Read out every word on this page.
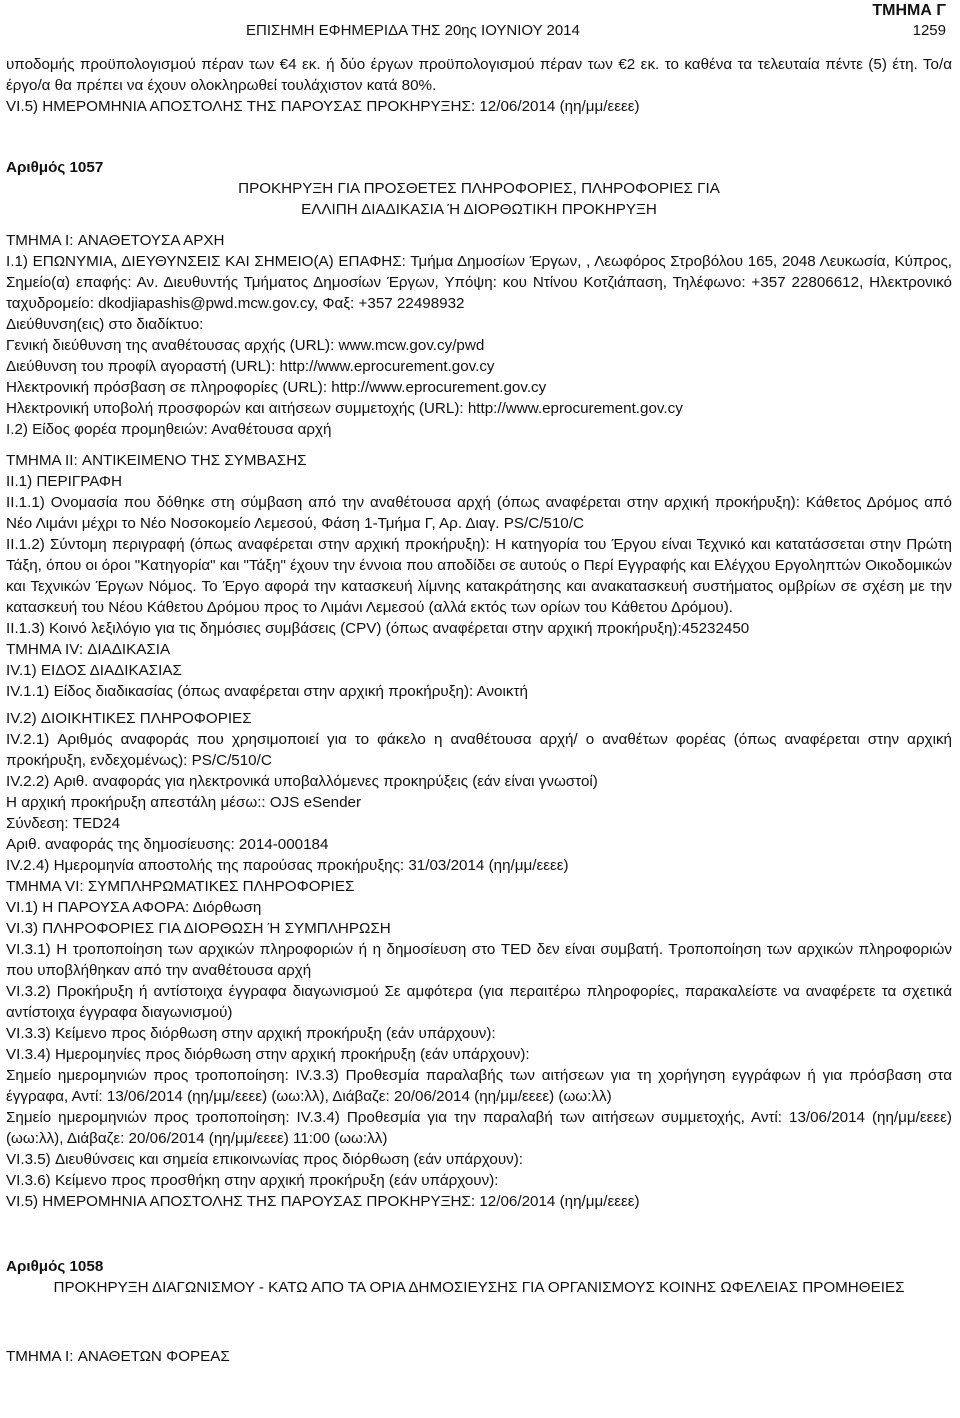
ΕΠΙΣΗΜΗ ΕΦΗΜΕΡΙΔΑ ΤΗΣ 20ης ΙΟΥΝΙΟΥ 2014
ΤΜΗΜΑ Γ
1259

υποδομής προϋπολογισμού πέραν των €4 εκ. ή δύο έργων προϋπολογισμού πέραν των €2 εκ. το καθένα τα τελευταία πέντε (5) έτη. Το/α έργο/α θα πρέπει να έχουν ολοκληρωθεί τουλάχιστον κατά 80%.

VI.5) ΗΜΕΡΟΜΗΝΙΑ ΑΠΟΣΤΟΛΗΣ ΤΗΣ ΠΑΡΟΥΣΑΣ ΠΡΟΚΗΡΥΞΗΣ: 12/06/2014 (ηη/μμ/εεεε)

Αριθμός 1057

ΠΡΟΚΗΡΥΞΗ ΓΙΑ ΠΡΟΣΘΕΤΕΣ ΠΛΗΡΟΦΟΡΙΕΣ, ΠΛΗΡΟΦΟΡΙΕΣ ΓΙΑ ΕΛΛΙΠΗ ΔΙΑΔΙΚΑΣΙΑ Ή ΔΙΟΡΘΩΤΙΚΗ ΠΡΟΚΗΡΥΞΗ

ΤΜΗΜΑ I: ΑΝΑΘΕΤΟΥΣΑ ΑΡΧΗ

I.1) ΕΠΩΝΥΜΙΑ, ΔΙΕΥΘΥΝΣΕΙΣ ΚΑΙ ΣΗΜΕΙΟ(Α) ΕΠΑΦΗΣ: Τμήμα Δημοσίων Έργων, , Λεωφόρος Στροβόλου 165, 2048 Λευκωσία, Κύπρος, Σημείο(α) επαφής: Αν. Διευθυντής Τμήματος Δημοσίων Έργων, Υπόψη: κου Ντίνου Κοτζιάπαση, Τηλέφωνο: +357 22806612, Ηλεκτρονικό ταχυδρομείο: dkodjiapashis@pwd.mcw.gov.cy, Φαξ: +357 22498932

Διεύθυνση(εις) στο διαδίκτυο:

Γενική διεύθυνση της αναθέτουσας αρχής (URL): www.mcw.gov.cy/pwd

Διεύθυνση του προφίλ αγοραστή (URL): http://www.eprocurement.gov.cy

Ηλεκτρονική πρόσβαση σε πληροφορίες (URL): http://www.eprocurement.gov.cy

Ηλεκτρονική υποβολή προσφορών και αιτήσεων συμμετοχής (URL): http://www.eprocurement.gov.cy

I.2) Είδος φορέα προμηθειών: Αναθέτουσα αρχή

ΤΜΗΜΑ II: ΑΝΤΙΚΕΙΜΕΝΟ ΤΗΣ ΣΥΜΒΑΣΗΣ

II.1) ΠΕΡΙΓΡΑΦΗ

II.1.1) Ονομασία που δόθηκε στη σύμβαση από την αναθέτουσα αρχή (όπως αναφέρεται στην αρχική προκήρυξη): Κάθετος Δρόμος από Νέο Λιμάνι μέχρι το Νέο Νοσοκομείο Λεμεσού, Φάση 1-Τμήμα Γ, Αρ. Διαγ. PS/C/510/C

II.1.2) Σύντομη περιγραφή (όπως αναφέρεται στην αρχική προκήρυξη): Η κατηγορία του Έργου είναι Τεχνικό και κατατάσσεται στην Πρώτη Τάξη, όπου οι όροι "Κατηγορία" και "Τάξη" έχουν την έννοια που αποδίδει σε αυτούς ο Περί Εγγραφής και Ελέγχου Εργοληπτών Οικοδομικών και Τεχνικών Έργων Νόμος. Το Έργο αφορά την κατασκευή λίμνης κατακράτησης και ανακατασκευή συστήματος ομβρίων σε σχέση με την κατασκευή του Νέου Κάθετου Δρόμου προς το Λιμάνι Λεμεσού (αλλά εκτός των ορίων του Κάθετου Δρόμου).

II.1.3) Κοινό λεξιλόγιο για τις δημόσιες συμβάσεις (CPV) (όπως αναφέρεται στην αρχική προκήρυξη):45232450

ΤΜΗΜΑ IV: ΔΙΑΔΙΚΑΣΙΑ

IV.1) ΕΙΔΟΣ ΔΙΑΔΙΚΑΣΙΑΣ

IV.1.1) Είδος διαδικασίας (όπως αναφέρεται στην αρχική προκήρυξη): Ανοικτή

IV.2) ΔΙΟΙΚΗΤΙΚΕΣ ΠΛΗΡΟΦΟΡΙΕΣ

IV.2.1) Αριθμός αναφοράς που χρησιμοποιεί για το φάκελο η αναθέτουσα αρχή/ ο αναθέτων φορέας (όπως αναφέρεται στην αρχική προκήρυξη, ενδεχομένως): PS/C/510/C

IV.2.2) Αριθ. αναφοράς για ηλεκτρονικά υποβαλλόμενες προκηρύξεις (εάν είναι γνωστοί)

Η αρχική προκήρυξη απεστάλη μέσω:: OJS eSender

Σύνδεση: TED24

Αριθ. αναφοράς της δημοσίευσης: 2014-000184

IV.2.4) Ημερομηνία αποστολής της παρούσας προκήρυξης: 31/03/2014 (ηη/μμ/εεεε)

ΤΜΗΜΑ VI: ΣΥΜΠΛΗΡΩΜΑΤΙΚΕΣ ΠΛΗΡΟΦΟΡΙΕΣ

VI.1) Η ΠΑΡΟΥΣΑ ΑΦΟΡΑ: Διόρθωση

VI.3) ΠΛΗΡΟΦΟΡΙΕΣ ΓΙΑ ΔΙΟΡΘΩΣΗ Ή ΣΥΜΠΛΗΡΩΣΗ

VI.3.1) Η τροποποίηση των αρχικών πληροφοριών ή η δημοσίευση στο TED δεν είναι συμβατή. Τροποποίηση των αρχικών πληροφοριών που υποβλήθηκαν από την αναθέτουσα αρχή

VI.3.2) Προκήρυξη ή αντίστοιχα έγγραφα διαγωνισμού Σε αμφότερα (για περαιτέρω πληροφορίες, παρακαλείστε να αναφέρετε τα σχετικά αντίστοιχα έγγραφα διαγωνισμού)

VI.3.3) Κείμενο προς διόρθωση στην αρχική προκήρυξη (εάν υπάρχουν):

VI.3.4) Ημερομηνίες προς διόρθωση στην αρχική προκήρυξη (εάν υπάρχουν):

Σημείο ημερομηνιών προς τροποποίηση: IV.3.3) Προθεσμία παραλαβής των αιτήσεων για τη χορήγηση εγγράφων ή για πρόσβαση στα έγγραφα, Αντί: 13/06/2014 (ηη/μμ/εεεε) (ωω:λλ), Διάβαζε: 20/06/2014 (ηη/μμ/εεεε) (ωω:λλ)

Σημείο ημερομηνιών προς τροποποίηση: IV.3.4) Προθεσμία για την παραλαβή των αιτήσεων συμμετοχής, Αντί: 13/06/2014 (ηη/μμ/εεεε) (ωω:λλ), Διάβαζε: 20/06/2014 (ηη/μμ/εεεε) 11:00 (ωω:λλ)

VI.3.5) Διευθύνσεις και σημεία επικοινωνίας προς διόρθωση (εάν υπάρχουν):

VI.3.6) Κείμενο προς προσθήκη στην αρχική προκήρυξη (εάν υπάρχουν):

VI.5) ΗΜΕΡΟΜΗΝΙΑ ΑΠΟΣΤΟΛΗΣ ΤΗΣ ΠΑΡΟΥΣΑΣ ΠΡΟΚΗΡΥΞΗΣ: 12/06/2014 (ηη/μμ/εεεε)

Αριθμός 1058

ΠΡΟΚΗΡΥΞΗ ΔΙΑΓΩΝΙΣΜΟΥ - ΚΑΤΩ ΑΠΟ ΤΑ ΟΡΙΑ ΔΗΜΟΣΙΕΥΣΗΣ ΓΙΑ ΟΡΓΑΝΙΣΜΟΥΣ ΚΟΙΝΗΣ ΩΦΕΛΕΙΑΣ ΠΡΟΜΗΘΕΙΕΣ

ΤΜΗΜΑ I: ΑΝΑΘΕΤΩΝ ΦΟΡΕΑΣ
